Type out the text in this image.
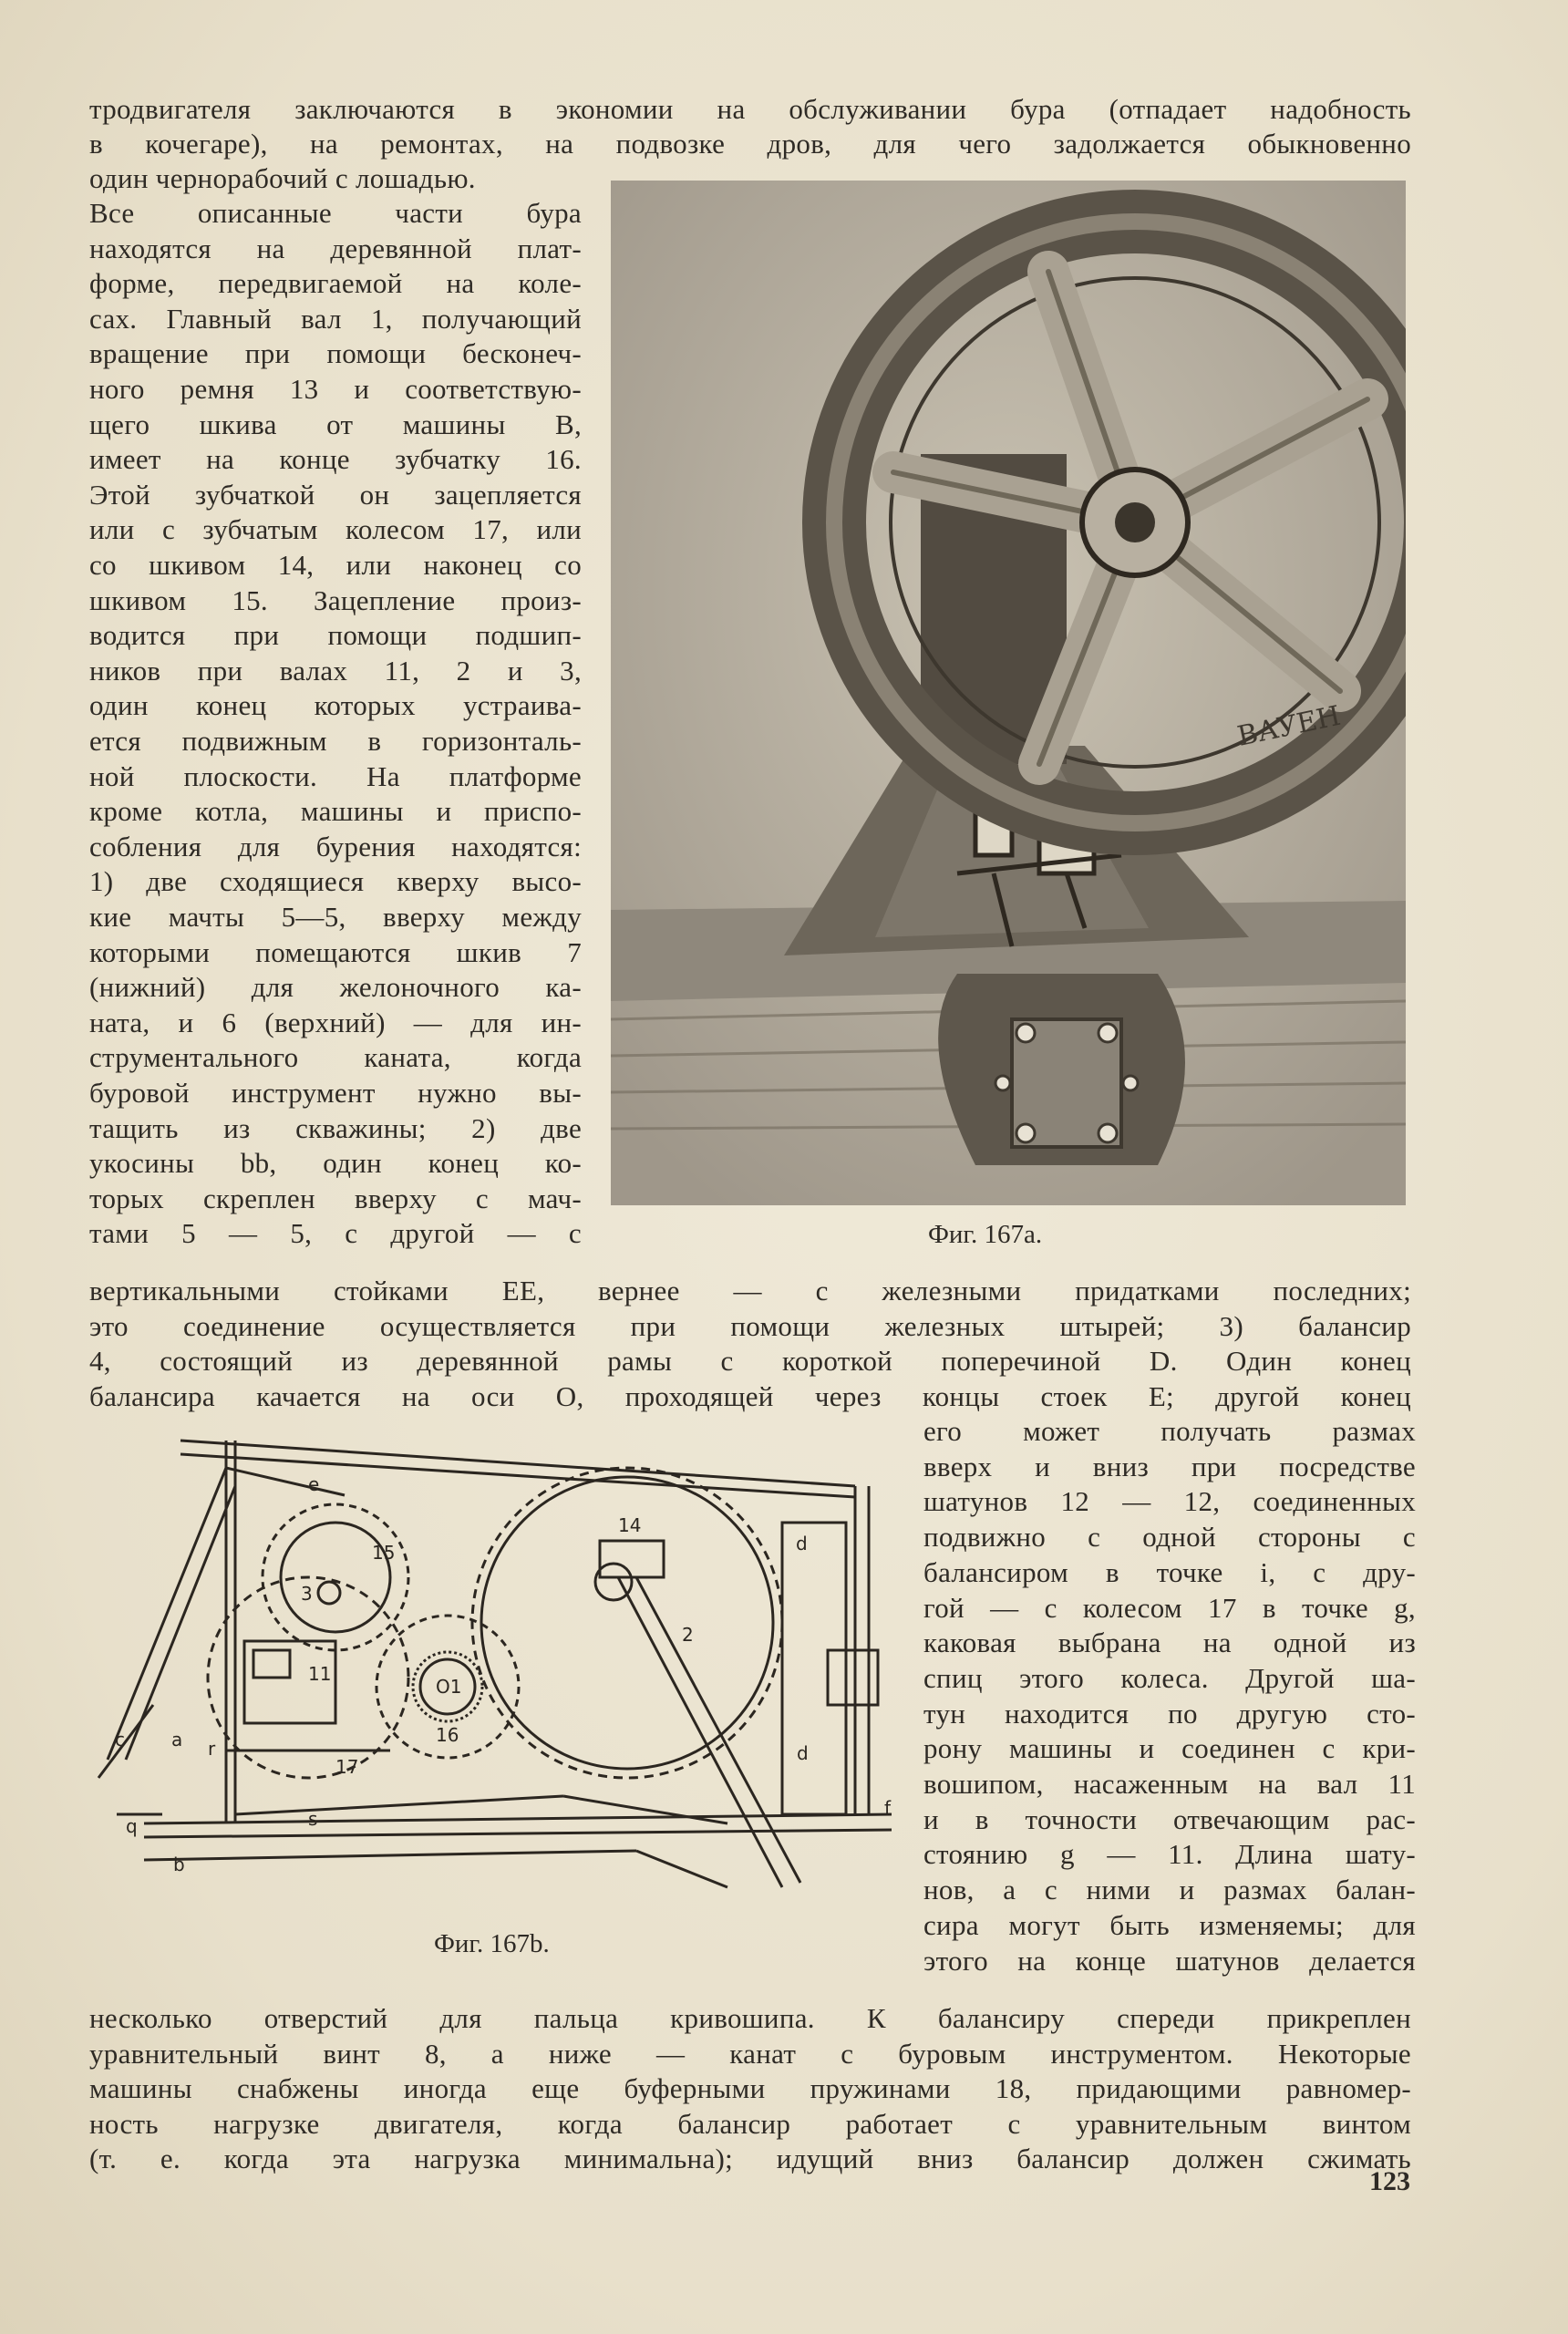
тродвигателя заключаются в экономии на обслуживании бура (отпадает надобность
в кочегаре), на ремонтах, на подвозке дров, для чего задолжается обыкновенно
один чернорабочий с лошадью.
Все описанные части бура
находятся на деревянной плат-
форме, передвигаемой на коле-
сах. Главный вал 1, получающий
вращение при помощи бесконеч-
ного ремня 13 и соответствую-
щего шкива от машины B,
имеет на конце зубчатку 16.
Этой зубчаткой он зацепляется
или с зубчатым колесом 17, или
со шкивом 14, или наконец со
шкивом 15. Зацепление произ-
водится при помощи подшип-
ников при валах 11, 2 и 3,
один конец которых устраива-
ется подвижным в горизонталь-
ной плоскости. На платформе
кроме котла, машины и приспо-
собления для бурения находятся:
1) две сходящиеся кверху высо-
кие мачты 5—5, вверху между
которыми помещаются шкив 7
(нижний) для желоночного ка-
ната, и 6 (верхний) — для ин-
струментального каната, когда
буровой инструмент нужно вы-
тащить из скважины; 2) две
укосины bb, один конец ко-
торых скреплен вверху с мач-
тами 5 — 5, с другой — с
вертикальными стойками EE, вернее — с железными придатками последних;
это соединение осуществляется при помощи железных штырей; 3) балансир
4, состоящий из деревянной рамы с короткой поперечиной D. Один конец
балансира качается на оси O, проходящей через концы стоек E; другой конец
его может получать размах
вверх и вниз при посредстве
шатунов 12 — 12, соединенных
подвижно с одной стороны с
балансиром в точке i, с дру-
гой — с колесом 17 в точке g,
каковая выбрана на одной из
спиц этого колеса. Другой ша-
тун находится по другую сто-
рону машины и соединен с кри-
вошипом, насаженным на вал 11
и в точности отвечающим рас-
стоянию g — 11. Длина шату-
нов, а с ними и размах балан-
сира могут быть изменяемы; для
этого на конце шатунов делается
несколько отверстий для пальца кривошипа. К балансиру спереди прикреплен
уравнительный винт 8, а ниже — канат с буровым инструментом. Некоторые
машины снабжены иногда еще буферными пружинами 18, придающими равномер-
ность нагрузке двигателя, когда балансир работает с уравнительным винтом
(т. е. когда эта нагрузка минимальна); идущий вниз балансир должен сжимать
ВАУЕН
e
15
3
14
d
2
O1
16
17
11
c	a r
q	s
b
d
f
Фиг. 167а.
Фиг. 167b.
123
